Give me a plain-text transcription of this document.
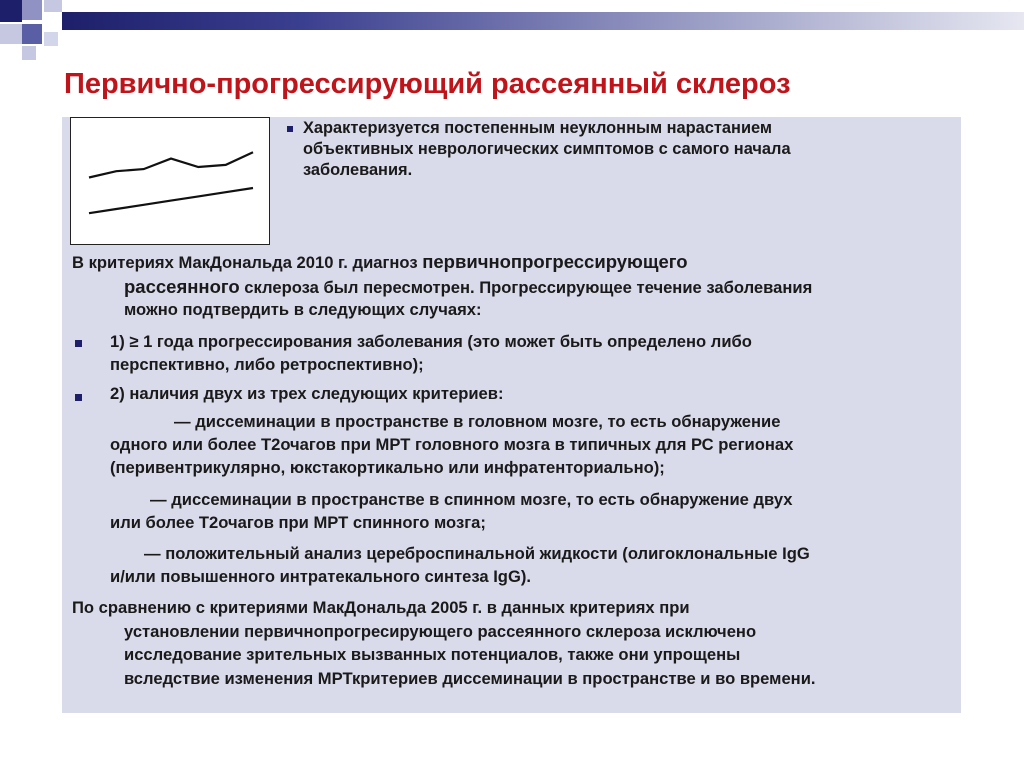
Первично-прогрессирующий рассеянный склероз
Характеризуется постепенным неуклонным нарастанием
объективных неврологических симптомов с самого начала
заболевания.
В критериях МакДональда 2010 г. диагноз первичнопрогрессирующего
рассеянного склероза был пересмотрен. Прогрессирующее течение заболевания
можно подтвердить в следующих случаях:
1) ≥ 1 года прогрессирования заболевания (это может быть определено либо
перспективно, либо ретроспективно);
2) наличия двух из трех следующих критериев:
— диссеминации в пространстве в головном мозге, то есть обнаружение
одного или более Т2очагов при МРТ головного мозга в типичных для РС регионах
(перивентрикулярно, юкстакортикально или инфратенториально);
— диссеминации в пространстве в спинном мозге, то есть обнаружение двух
или более Т2очагов при МРТ спинного мозга;
— положительный анализ цереброспинальной жидкости (олигоклональные IgG
и/или повышенного интратекального синтеза IgG).
По сравнению с критериями МакДональда 2005 г. в данных критериях при
установлении первичнопрогресирующего рассеянного склероза исключено
исследование зрительных вызванных потенциалов, также они упрощены
вследствие изменения МРТкритериев диссеминации в пространстве и во времени.
